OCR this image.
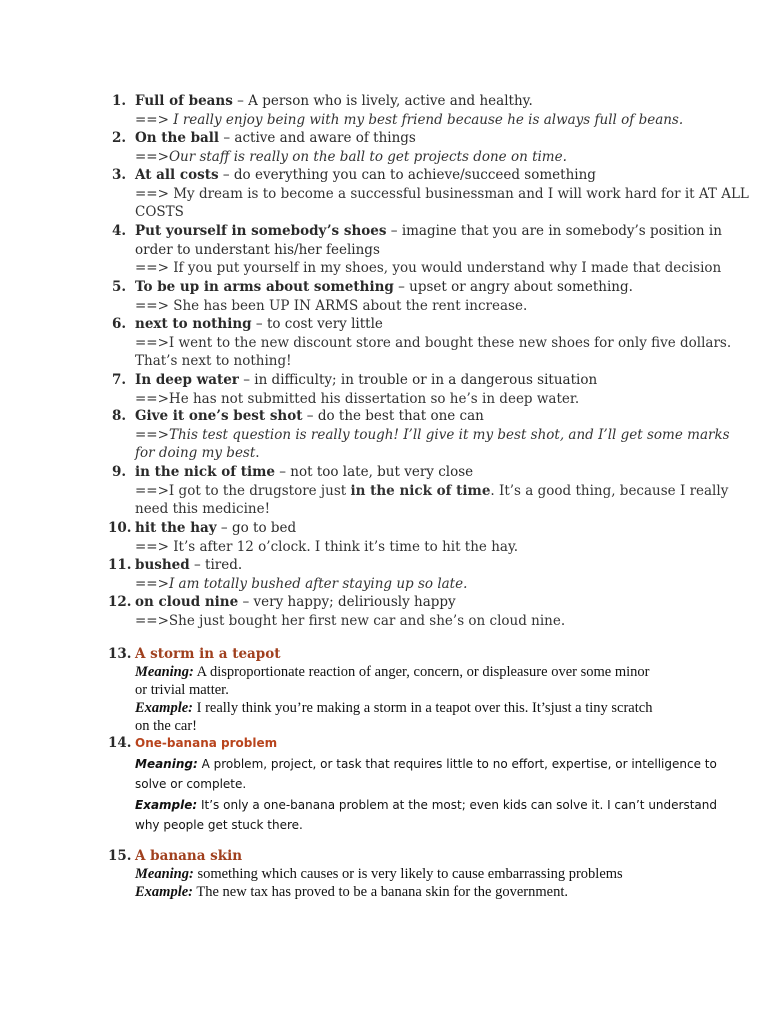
1. Full of beans – A person who is lively, active and healthy.
==> I really enjoy being with my best friend because he is always full of beans.
2. On the ball – active and aware of things
==>Our staff is really on the ball to get projects done on time.
3. At all costs – do everything you can to achieve/succeed something
==> My dream is to become a successful businessman and I will work hard for it AT ALL
COSTS
4. Put yourself in somebody’s shoes – imagine that you are in somebody’s position in
order to understant his/her feelings
==> If you put yourself in my shoes, you would understand why I made that decision
5. To be up in arms about something – upset or angry about something.
==> She has been UP IN ARMS about the rent increase.
6. next to nothing – to cost very little
==>I went to the new discount store and bought these new shoes for only five dollars.
That’s next to nothing!
7. In deep water – in difficulty; in trouble or in a dangerous situation
==>He has not submitted his dissertation so he’s in deep water.
8. Give it one’s best shot – do the best that one can
==>This test question is really tough! I’ll give it my best shot, and I’ll get some marks
for doing my best.
9. in the nick of time – not too late, but very close
==>I got to the drugstore just in the nick of time. It’s a good thing, because I really
need this medicine!
10. hit the hay – go to bed
==> It’s after 12 o’clock. I think it’s time to hit the hay.
11. bushed – tired.
==>I am totally bushed after staying up so late.
12. on cloud nine – very happy; deliriously happy
==>She just bought her first new car and she’s on cloud nine.
13. A storm in a teapot
Meaning: A disproportionate reaction of anger, concern, or displeasure over some minor
or trivial matter.
Example: I really think you’re making a storm in a teapot over this. It’sjust a tiny scratch
on the car!
14. One-banana problem
Meaning: A problem, project, or task that requires little to no effort, expertise, or intelligence to
solve or complete.
Example: It’s only a one-banana problem at the most; even kids can solve it. I can’t understand
why people get stuck there.
15. A banana skin
Meaning: something which causes or is very likely to cause embarrassing problems
Example: The new tax has proved to be a banana skin for the government.
